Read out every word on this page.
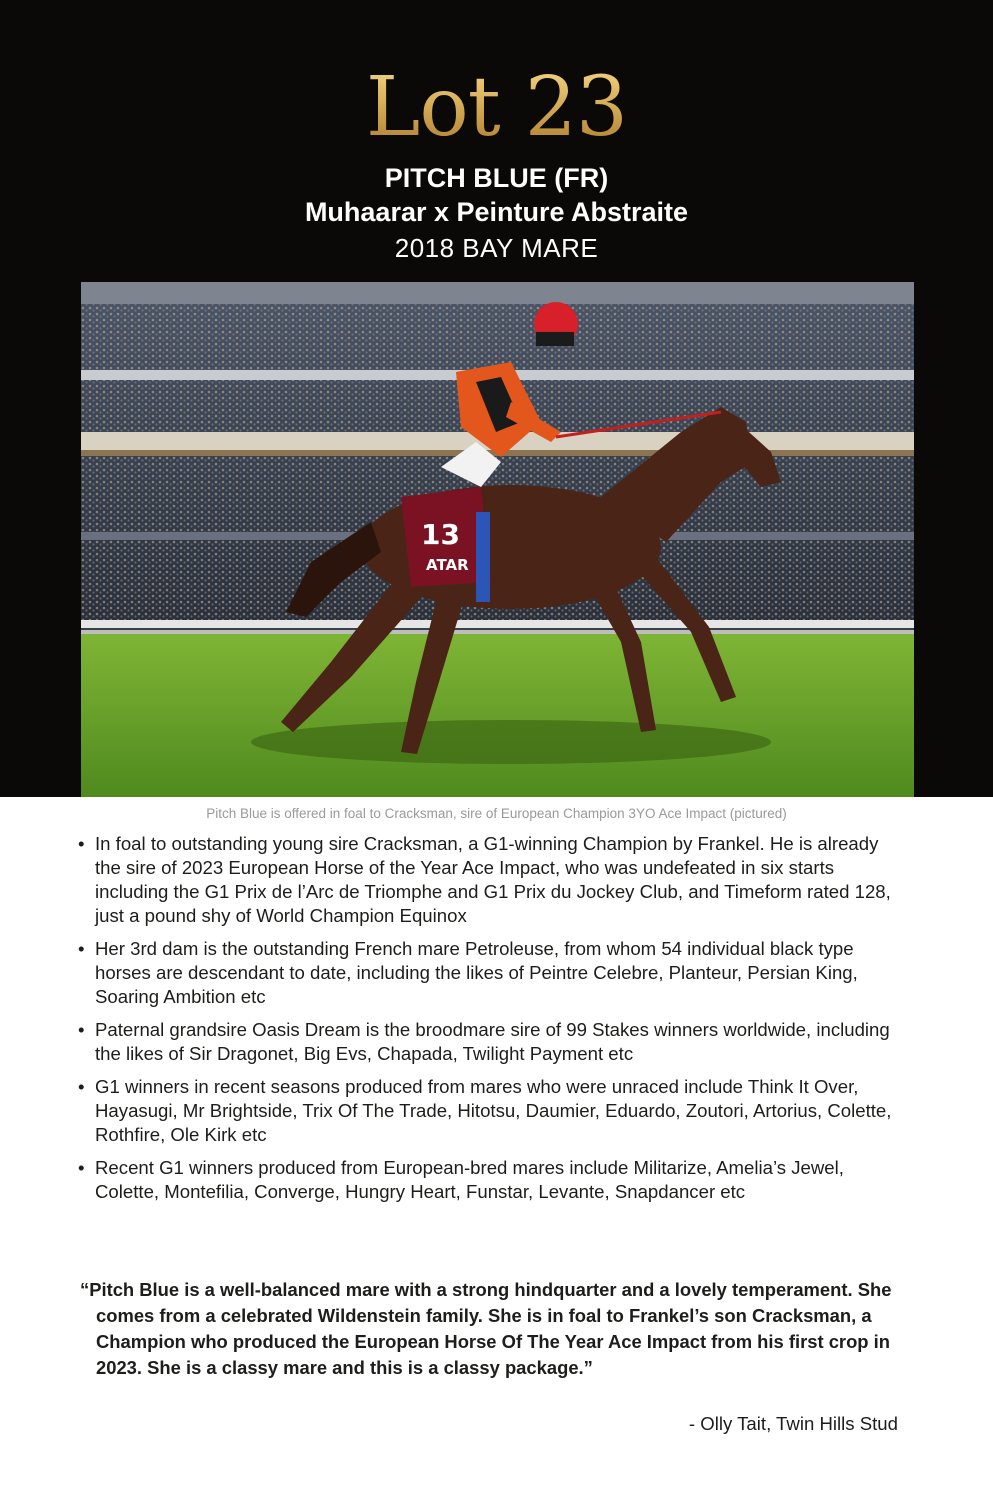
Lot 23
PITCH BLUE (FR)
Muhaarar x Peinture Abstraite
2018 BAY MARE
13
ATAR
Pitch Blue is offered in foal to Cracksman, sire of European Champion 3YO Ace Impact (pictured)
• In foal to outstanding young sire Cracksman, a G1-winning Champion by Frankel. He is already the sire of 2023 European Horse of the Year Ace Impact, who was undefeated in six starts including the G1 Prix de l’Arc de Triomphe and G1 Prix du Jockey Club, and Timeform rated 128, just a pound shy of World Champion Equinox
• Her 3rd dam is the outstanding French mare Petroleuse, from whom 54 individual black type horses are descendant to date, including the likes of Peintre Celebre, Planteur, Persian King, Soaring Ambition etc
• Paternal grandsire Oasis Dream is the broodmare sire of 99 Stakes winners worldwide, including the likes of Sir Dragonet, Big Evs, Chapada, Twilight Payment etc
• G1 winners in recent seasons produced from mares who were unraced include Think It Over, Hayasugi, Mr Brightside, Trix Of The Trade, Hitotsu, Daumier, Eduardo, Zoutori, Artorius, Colette, Rothfire, Ole Kirk etc
• Recent G1 winners produced from European-bred mares include Militarize, Amelia’s Jewel, Colette, Montefilia, Converge, Hungry Heart, Funstar, Levante, Snapdancer etc
“Pitch Blue is a well-balanced mare with a strong hindquarter and a lovely temperament. She comes from a celebrated Wildenstein family. She is in foal to Frankel’s son Cracksman, a Champion who produced the European Horse Of The Year Ace Impact from his first crop in 2023. She is a classy mare and this is a classy package.”
- Olly Tait, Twin Hills Stud
